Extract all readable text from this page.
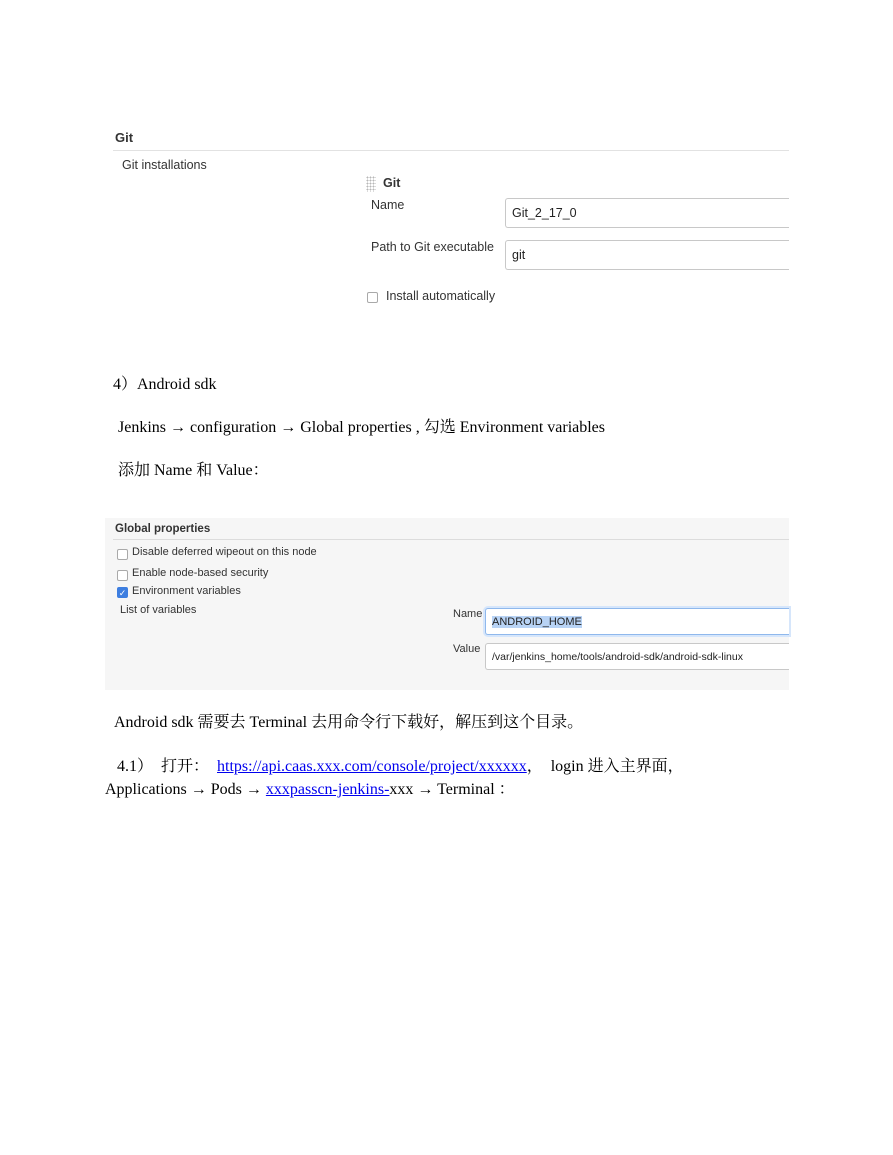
Git
Git installations
Git
Name
Git_2_17_0
Path to Git executable
git
Install automatically
4）Android sdk
Jenkins → configuration → Global properties , 勾选 Environment variables
添加 Name 和 Value：
Global properties
Disable deferred wipeout on this node
Enable node-based security
✓ Environment variables
List of variables	Name
ANDROID_HOME
Value
/var/jenkins_home/tools/android-sdk/android-sdk-linux
Android sdk 需要去 Terminal 去用命令行下载好，解压到这个目录。
4.1）  打开：  https://api.caas.xxx.com/console/project/xxxxxx，  login 进入主界面，
Applications → Pods → xxxpasscn-jenkins-xxx → Terminal ：
